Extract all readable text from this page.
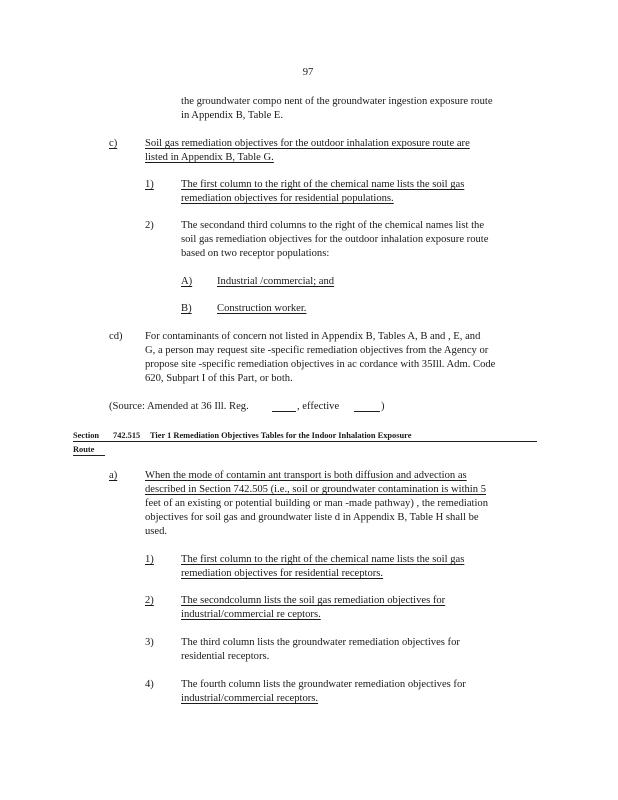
97
the groundwater compo nent of the groundwater ingestion exposure route
in Appendix B, Table E.
c)	Soil gas remediation objectives for the outdoor inhalation exposure route are
listed in Appendix B, Table G.
1)	The first column to the right of the chemical name lists the soil gas
remediation objectives for residential populations.
2)	The secondand third columns to the right of the chemical names list the
soil gas remediation objectives for the outdoor inhalation exposure route
based on two receptor populations:
A) Industrial /commercial; and
B) Construction worker.
cd) For contaminants of concern not listed in Appendix B, Tables A, B and , E, and
G, a person may request site -specific remediation objectives from the Agency or
propose site -specific remediation objectives in ac cordance with 35Ill. Adm. Code
620, Subpart I of this Part, or both.
(Source: Amended at 36 Ill. Reg.	, effective	)
Section 742.515 Tier 1 Remediation Objectives Tables for the Indoor Inhalation Exposure
Route
a)	When the mode of contamin ant transport is both diffusion and advection as
described in Section 742.505 (i.e., soil or groundwater contamination is within 5
feet of an existing or potential building or man -made pathway) , the remediation
objectives for soil gas and groundwater liste d in Appendix B, Table H shall be
used.
1)	The first column to the right of the chemical name lists the soil gas
remediation objectives for residential receptors.
2)	The secondcolumn lists the soil gas remediation objectives for
industrial/commercial re ceptors.
3)	The third column lists the groundwater remediation objectives for
residential receptors.
4)	The fourth column lists the groundwater remediation objectives for
industrial/commercial receptors.
